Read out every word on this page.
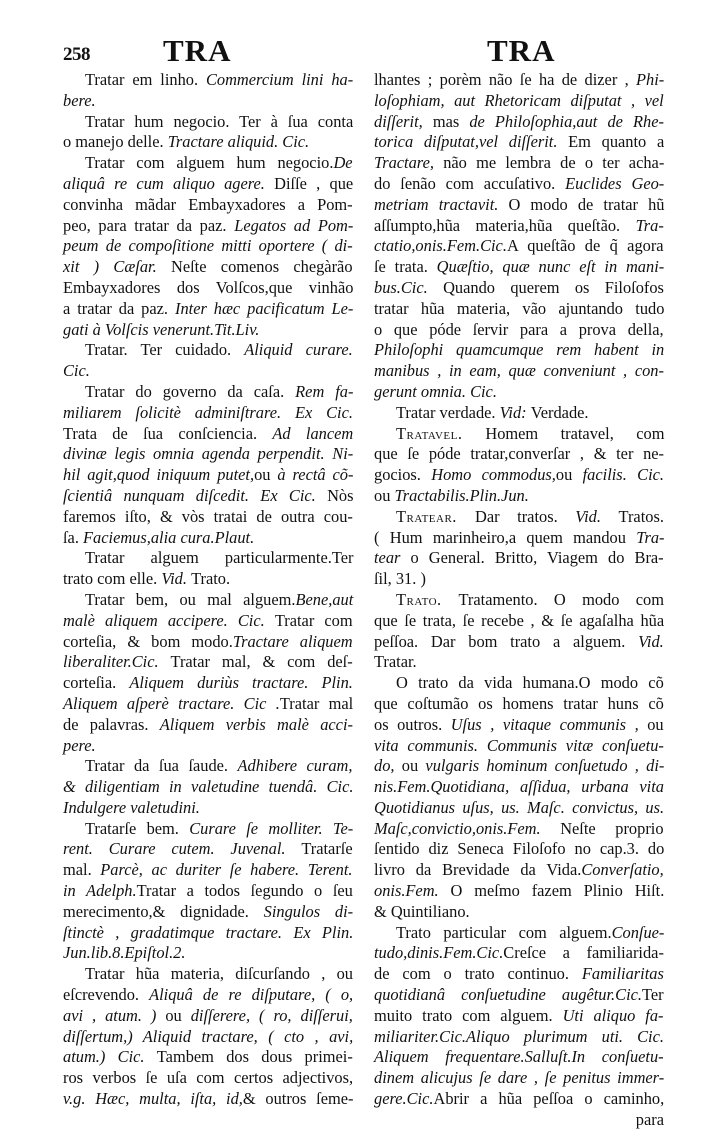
258 TRA	TRA
Tratar em linho. Commercium lini ha-
bere.
Tratar hum negocio. Ter à ſua conta
o manejo delle. Tractare aliquid. Cic.
Tratar com alguem hum negocio.De
aliquâ re cum aliquo agere. Diſſe , que
convinha mãdar Embayxadores a Pom-
peo, para tratar da paz. Legatos ad Pom-
peum de compoſitione mitti oportere ( di-
xit ) Cæſar. Neſte comenos chegàrão
Embayxadores dos Volſcos,que vinhão
a tratar da paz. Inter hæc pacificatum Le-
gati à Volſcis venerunt.Tit.Liv.
Tratar. Ter cuidado. Aliquid curare.
Cic.
Tratar do governo da caſa. Rem fa-
miliarem ſolicitè adminiſtrare. Ex Cic.
Trata de ſua conſciencia. Ad lancem
divinæ legis omnia agenda perpendit. Ni-
hil agit,quod iniquum putet,ou à rectâ cõ-
ſcientiâ nunquam diſcedit. Ex Cic. Nòs
faremos iſto, & vòs tratai de outra cou-
ſa. Faciemus,alia cura.Plaut.
Tratar alguem particularmente.Ter
trato com elle. Vid. Trato.
Tratar bem, ou mal alguem.Bene,aut
malè aliquem accipere. Cic. Tratar com
corteſia, & bom modo.Tractare aliquem
liberaliter.Cic. Tratar mal, & com deſ-
corteſia. Aliquem duriùs tractare. Plin.
Aliquem aſperè tractare. Cic .Tratar mal
de palavras. Aliquem verbis malè acci-
pere.
Tratar da ſua ſaude. Adhibere curam,
& diligentiam in valetudine tuendâ. Cic.
Indulgere valetudini.
Tratarſe bem. Curare ſe molliter. Te-
rent. Curare cutem. Juvenal. Tratarſe
mal. Parcè, ac duriter ſe habere. Terent.
in Adelph.Tratar a todos ſegundo o ſeu
merecimento,& dignidade. Singulos di-
ſtinctè , gradatimque tractare. Ex Plin.
Jun.lib.8.Epiſtol.2.
Tratar hũa materia, diſcurſando , ou
eſcrevendo. Aliquâ de re diſputare, ( o,
avi , atum. ) ou diſſerere, ( ro, diſſerui,
diſſertum,) Aliquid tractare, ( cto , avi,
atum.) Cic. Tambem dos dous primei-
ros verbos ſe uſa com certos adjectivos,
v.g. Hæc, multa, iſta, id,& outros ſeme-
lhantes ; porèm não ſe ha de dizer , Phi-
loſophiam, aut Rhetoricam diſputat , vel
diſſerit, mas de Philoſophia,aut de Rhe-
torica diſputat,vel diſſerit. Em quanto a
Tractare, não me lembra de o ter acha-
do ſenão com accuſativo. Euclides Geo-
metriam tractavit. O modo de tratar hũ
aſſumpto,hũa materia,hũa queſtão. Tra-
ctatio,onis.Fem.Cic.A queſtão de q̃ agora
ſe trata. Quæſtio, quæ nunc eſt in mani-
bus.Cic. Quando querem os Filoſofos
tratar hũa materia, vão ajuntando tudo
o que póde ſervir para a prova della,
Philoſophi quamcumque rem habent in
manibus , in eam, quæ conveniunt , con-
gerunt omnia. Cic.
Tratar verdade. Vid: Verdade.
Tratavel. Homem tratavel, com
que ſe póde tratar,converſar , & ter ne-
gocios. Homo commodus,ou facilis. Cic.
ou Tractabilis.Plin.Jun.
Tratear. Dar tratos. Vid. Tratos.
( Hum marinheiro,a quem mandou Tra-
tear o General. Britto, Viagem do Bra-
ſil, 31. )
Trato. Tratamento. O modo com
que ſe trata, ſe recebe , & ſe agaſalha hũa
peſſoa. Dar bom trato a alguem. Vid.
Tratar.
O trato da vida humana.O modo cõ
que coſtumão os homens tratar huns cõ
os outros. Uſus , vitaque communis , ou
vita communis. Communis vitæ conſuetu-
do, ou vulgaris hominum conſuetudo , di-
nis.Fem.Quotidiana, aſſidua, urbana vita
Quotidianus uſus, us. Maſc. convictus, us.
Maſc,convictio,onis.Fem. Neſte proprio
ſentido diz Seneca Filoſofo no cap.3. do
livro da Brevidade da Vida.Converſatio,
onis.Fem. O meſmo fazem Plinio Hiſt.
& Quintiliano.
Trato particular com alguem.Conſue-
tudo,dinis.Fem.Cic.Creſce a familiarida-
de com o trato continuo. Familiaritas
quotidianâ conſuetudine augêtur.Cic.Ter
muito trato com alguem. Uti aliquo fa-
miliariter.Cic.Aliquo plurimum uti. Cic.
Aliquem frequentare.Salluſt.In conſuetu-
dinem alicujus ſe dare , ſe penitus immer-
gere.Cic.Abrir a hũa peſſoa o caminho,
para
